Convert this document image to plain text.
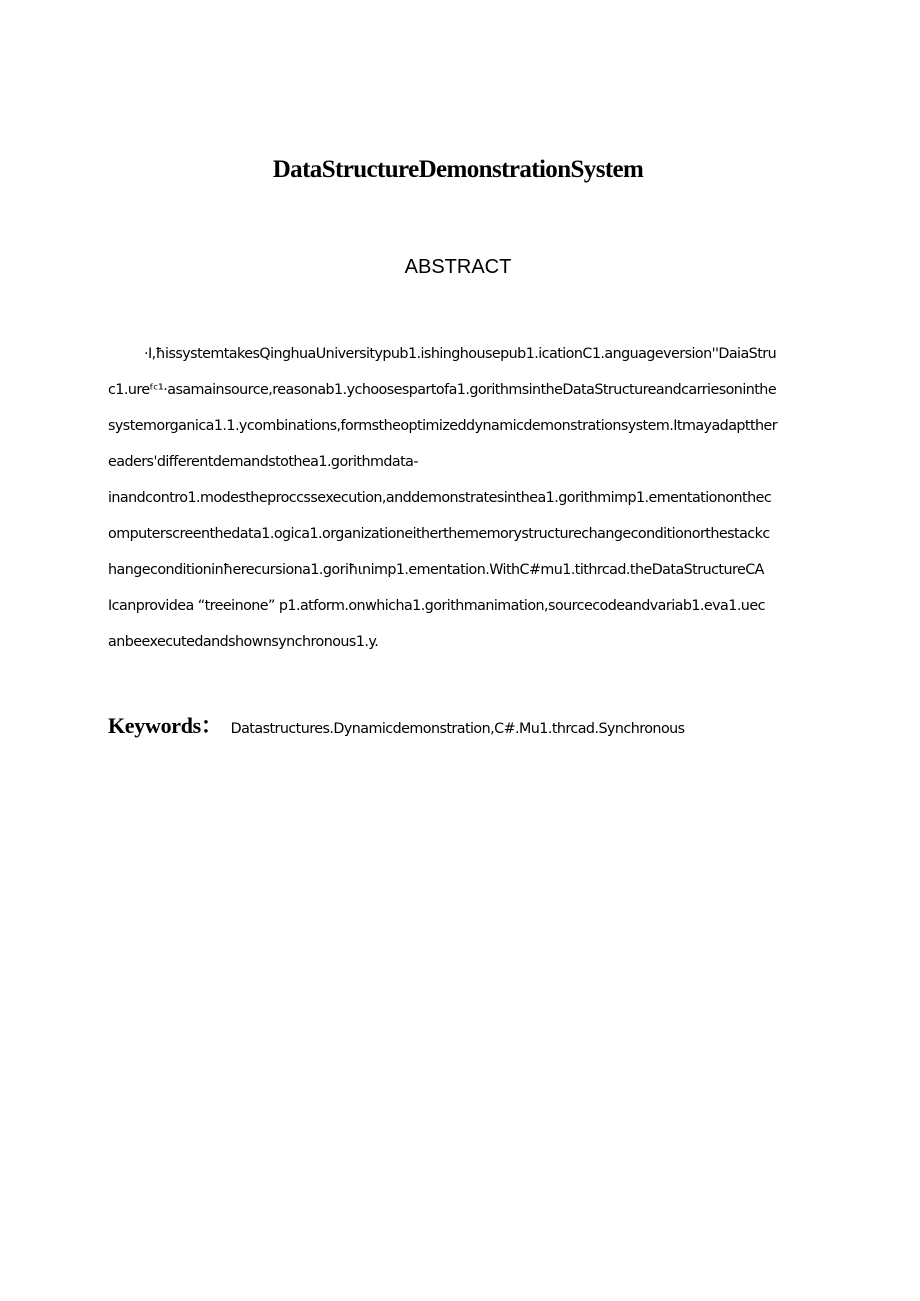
DataStructureDemonstrationSystem
ABSTRACT
·I,ħissystemtakesQinghuaUniversitypub1.ishinghousepub1.icationC1.anguageversion''DaiaStru
c1.ureᶠᶜ¹·asamainsource,reasonab1.ychoosespartofa1.gorithmsintheDataStructureandcarriesoninthe
systemorganica1.1.ycombinations,formstheoptimizeddynamicdemonstrationsystem.Itmayadaptther
eaders'differentdemandstothea1.gorithmdata-
inandcontro1.modestheproccssexecution,anddemonstratesinthea1.gorithmimp1.ementationonthec
omputerscreenthedata1.ogica1.organizationeitherthememorystructurechangeconditionorthestackc
hangeconditioninħerecursiona1.goriħιnimp1.ementation.WithC#mu1.tithrcad.theDataStructureCA
Icanprovidea “treeinone” p1.atform.onwhicha1.gorithmanimation,sourcecodeandvariab1.eva1.uec
anbeexecutedandshownsynchronous1.y.
Keywords： Datastructures.Dynamicdemonstration,C#.Mu1.thrcad.Synchronous
